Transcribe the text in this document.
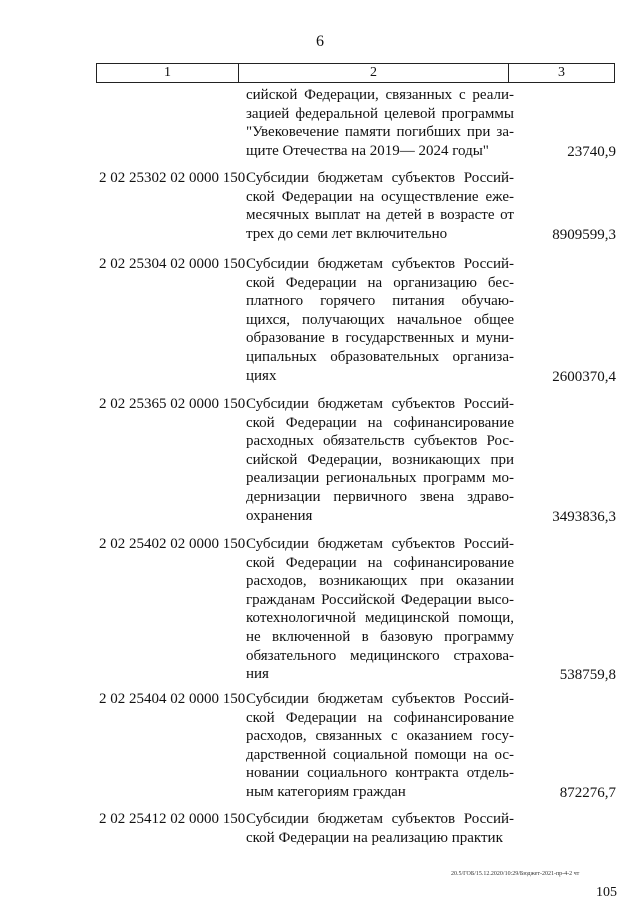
6
1	2	3
сийской Федерации, связанных с реали-
зацией федеральной целевой программы
"Увековечение памяти погибших при за-
щите Отечества на 2019— 2024 годы"	23740,9
2 02 25302 02 0000 150 Субсидии бюджетам субъектов Россий-
ской Федерации на осуществление еже-
месячных выплат на детей в возрасте от
трех до семи лет включительно	8909599,3
2 02 25304 02 0000 150 Субсидии бюджетам субъектов Россий-
ской Федерации на организацию бес-
платного горячего питания обучаю-
щихся, получающих начальное общее
образование в государственных и муни-
ципальных образовательных организа-
циях	2600370,4
2 02 25365 02 0000 150 Субсидии бюджетам субъектов Россий-
ской Федерации на софинансирование
расходных обязательств субъектов Рос-
сийской Федерации, возникающих при
реализации региональных программ мо-
дернизации первичного звена здраво-
охранения	3493836,3
2 02 25402 02 0000 150 Субсидии бюджетам субъектов Россий-
ской Федерации на софинансирование
расходов, возникающих при оказании
гражданам Российской Федерации высо-
котехнологичной медицинской помощи,
не включенной в базовую программу
обязательного медицинского страхова-
ния	538759,8
2 02 25404 02 0000 150 Субсидии бюджетам субъектов Россий-
ской Федерации на софинансирование
расходов, связанных с оказанием госу-
дарственной социальной помощи на ос-
новании социального контракта отдель-
ным категориям граждан	872276,7
2 02 25412 02 0000 150 Субсидии бюджетам субъектов Россий-
ской Федерации на реализацию практик
20.5/ГОБ/15.12.2020/10:29/Бюджет-2021-пр-4-2 чт
105
